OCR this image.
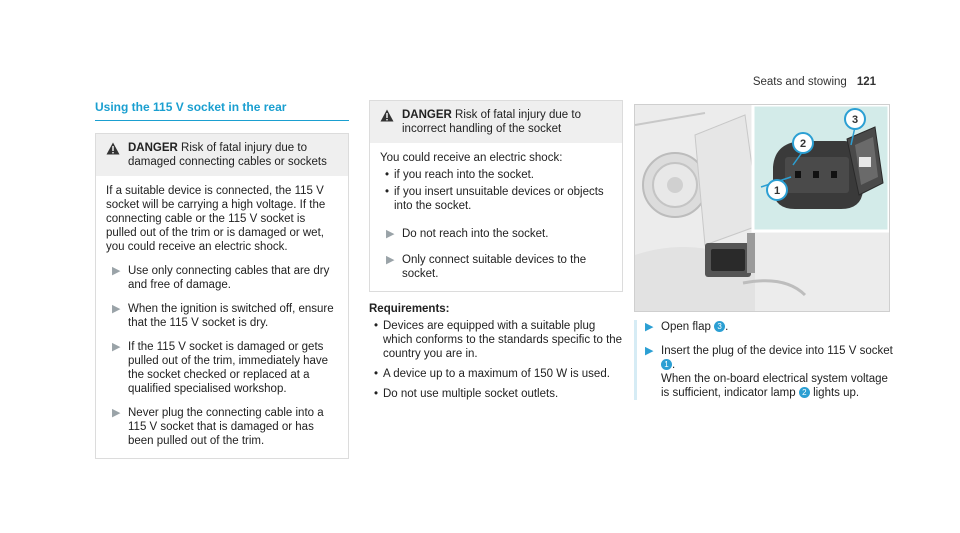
Seats and stowing 121
Using the 115 V socket in the rear
DANGER Risk of fatal injury due to damaged connecting cables or sockets
If a suitable device is connected, the 115 V socket will be carrying a high voltage. If the connecting cable or the 115 V socket is pulled out of the trim or is damaged or wet, you could receive an electric shock.
▶ Use only connecting cables that are dry and free of damage.
▶ When the ignition is switched off, ensure that the 115 V socket is dry.
▶ If the 115 V socket is damaged or gets pulled out of the trim, immediately have the socket checked or replaced at a qualified specialised workshop.
▶ Never plug the connecting cable into a 115 V socket that is damaged or has been pulled out of the trim.
DANGER Risk of fatal injury due to incorrect handling of the socket
You could receive an electric shock:
• if you reach into the socket.
• if you insert unsuitable devices or objects into the socket.
▶ Do not reach into the socket.
▶ Only connect suitable devices to the socket.
Requirements:
• Devices are equipped with a suitable plug which conforms to the standards specific to the country you are in.
• A device up to a maximum of 150 W is used.
• Do not use multiple socket outlets.
1
2
3
▶ Open flap 3 .
▶ Insert the plug of the device into 115 V socket 1 .
When the on-board electrical system voltage is sufficient, indicator lamp 2 lights up.
